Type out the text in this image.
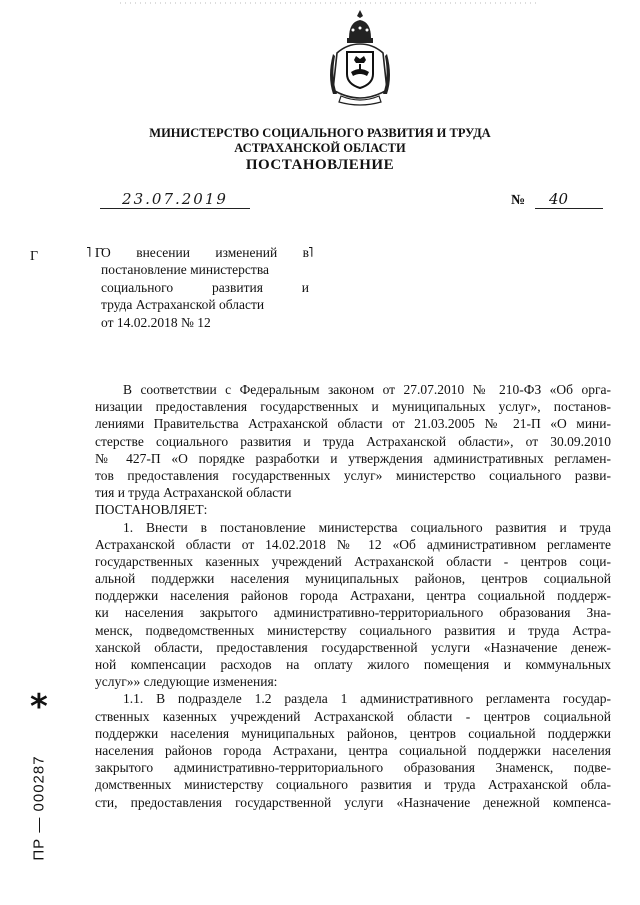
МИНИСТЕРСТВО СОЦИАЛЬНОГО РАЗВИТИЯ И ТРУДА
АСТРАХАНСКОЙ ОБЛАСТИ
ПОСТАНОВЛЕНИЕ
23.07.2019	№	40
Г	˥ Г	˥
О внесении изменений в
постановление министерства
социального развития и
труда Астраханской области
от 14.02.2018 № 12
В соответствии с Федеральным законом от 27.07.2010 № 210-ФЗ «Об орга-
низации предоставления государственных и муниципальных услуг», постанов-
лениями Правительства Астраханской области от 21.03.2005 № 21-П «О мини-
стерстве социального развития и труда Астраханской области», от 30.09.2010
№ 427-П «О порядке разработки и утверждения административных регламен-
тов предоставления государственных услуг» министерство социального разви-
тия и труда Астраханской области
ПОСТАНОВЛЯЕТ:
1. Внести в постановление министерства социального развития и труда
Астраханской области от 14.02.2018 № 12 «Об административном регламенте
государственных казенных учреждений Астраханской области - центров соци-
альной поддержки населения муниципальных районов, центров социальной
поддержки населения районов города Астрахани, центра социальной поддерж-
ки населения закрытого административно-территориального образования Зна-
менск, подведомственных министерству социального развития и труда Астра-
ханской области, предоставления государственной услуги «Назначение денеж-
ной компенсации расходов на оплату жилого помещения и коммунальных
услуг»» следующие изменения:
1.1. В подразделе 1.2 раздела 1 административного регламента государ-
ственных казенных учреждений Астраханской области - центров социальной
поддержки населения муниципальных районов, центров социальной поддержки
населения районов города Астрахани, центра социальной поддержки населения
закрытого административно-территориального образования Знаменск, подве-
домственных министерству социального развития и труда Астраханской обла-
сти, предоставления государственной услуги «Назначение денежной компенса-
*
ПР — 000287
